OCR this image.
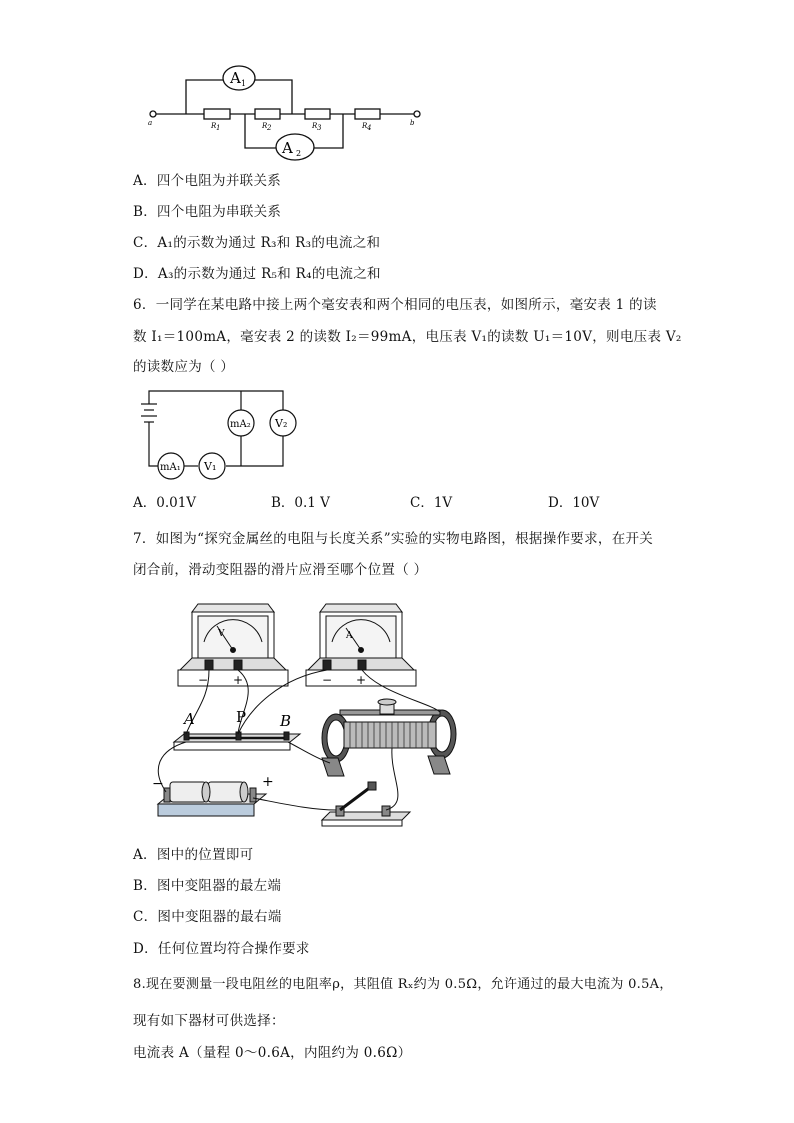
A 1
A 2
a	b
R 1	R 2	R 3	R 4
A．四个电阻为并联关系
B．四个电阻为串联关系
C．A₁的示数为通过 R₃和 R₃的电流之和
D．A₃的示数为通过 R₅和 R₄的电流之和
6．一同学在某电路中接上两个毫安表和两个相同的电压表，如图所示，毫安表 1 的读
数 I₁＝100mA，毫安表 2 的读数 I₂＝99mA，电压表 V₁的读数 U₁＝10V，则电压表 V₂
的读数应为（ ）
mA₂ V₂
mA₁ V₁
A．0.01V	B．0.1 V	C．1V	D．10V
7．如图为“探究金属丝的电阻与长度关系”实验的实物电路图，根据操作要求，在开关
闭合前，滑动变阻器的滑片应滑至哪个位置（ ）
V	A
− +	− +
A	P B
−	+
A．图中的位置即可
B．图中变阻器的最左端
C．图中变阻器的最右端
D．任何位置均符合操作要求
8.现在要测量一段电阻丝的电阻率ρ，其阻值 Rₓ约为 0.5Ω，允许通过的最大电流为 0.5A，
现有如下器材可供选择：
电流表 A（量程 0～0.6A，内阻约为 0.6Ω）
